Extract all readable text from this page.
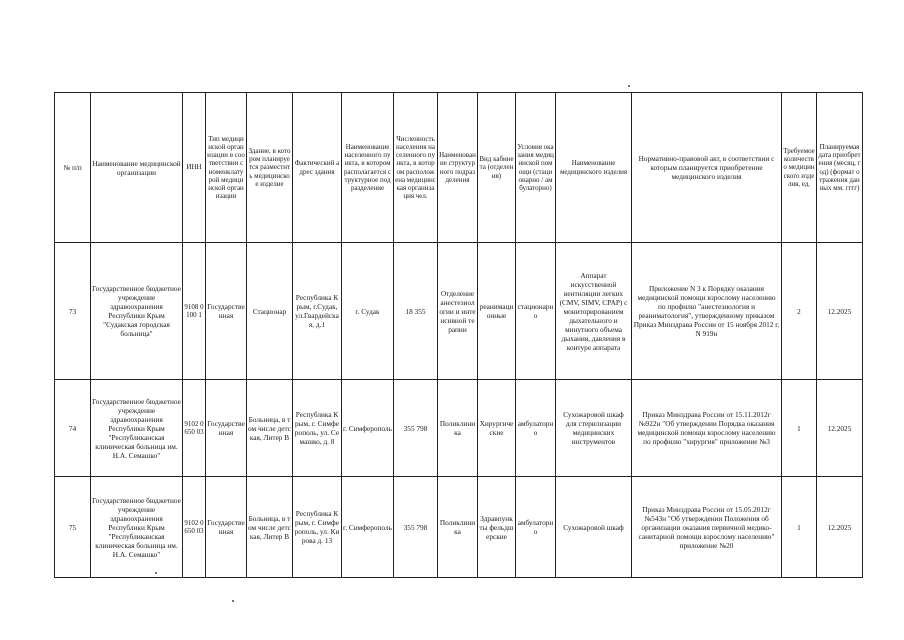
№ п/п	Наименование медицинской организации	ИНН	Тип медицинской организации в соответствии с номенклатурой медицинской организации	Здание, в котором планируется разместить медицинское изделие	Фактический адрес здания	Наименование населенного пункта, в котором располагается структурное подразделение	Численность населения населенного пункта, в котором расположена медицинская организация чел.	Наименование структурного подразделения	Вид кабинета (отделения)	Условия оказания медицинской помощи (стационарно / амбулаторно)	Наименование медицинского изделия	Нормативно-правовой акт, в соответствии с которым планируется приобретение медицинского изделия	Требуемое количество медицинского изделия, ед.	Планируемая дата приобретения (месяц, год) (формат отражения данных мм. гггг)
73	Государственное бюджетное учреждение здравоохранения Республики Крым "Судакская городская больница"	9108 0100 1	Государственная	Стационар	Республика Крым, г.Судак, ул.Гвардейская, д.1	г. Судак	18 355	Отделение анестезиологии и интенсивной терапии	реанимационные	стационарно	Аппарат искусственной вентиляции легких (CMV, SIMV, CPAP) с мониторированием дыхательного и минутного объема дыхания, давления в контуре аппарата	Приложение N 3 к Порядку оказания медицинской помощи взрослому населению по профилю "анестезиология и реаниматология", утвержденному приказом Приказ Минздрава России от 15 ноября 2012 г. N 919н	2	12.2025
74	Государственное бюджетное учреждение здравоохранения Республики Крым "Республиканская клиническая больница им. Н.А. Семашко"	9102 0650 03	Государственная	Больница, в том числе детская, Литер В	Республика Крым, г. Симферополь, ул. Семашко, д. 8	г. Симферополь	355 798	Поликлиника	Хирургические	амбулаторно	Сухожаровой шкаф для стерилизации медицинских инструментов	Приказ Минздрава России от 15.11.2012г №922н "Об утверждении Порядка оказания медицинской помощи взрослому населению по профилю "хирургия" приложение №3	1	12.2025
75	Государственное бюджетное учреждение здравоохранения Республики Крым "Республиканская клиническая больница им. Н.А. Семашко"	9102 0650 03	Государственная	Больница, в том числе детская, Литер В	Республика Крым, г. Симферополь, ул. Кирова д. 13	г. Симферополь	355 798	Поликлиника	Здравпункты фельдшерские	амбулаторно	Сухожаровой шкаф	Приказ Минздрава России от 15.05.2012г №543н "Об утверждении Положения об организации оказания первичной медико-санитарной помощи взрослому населению" приложение №20	1	12.2025
